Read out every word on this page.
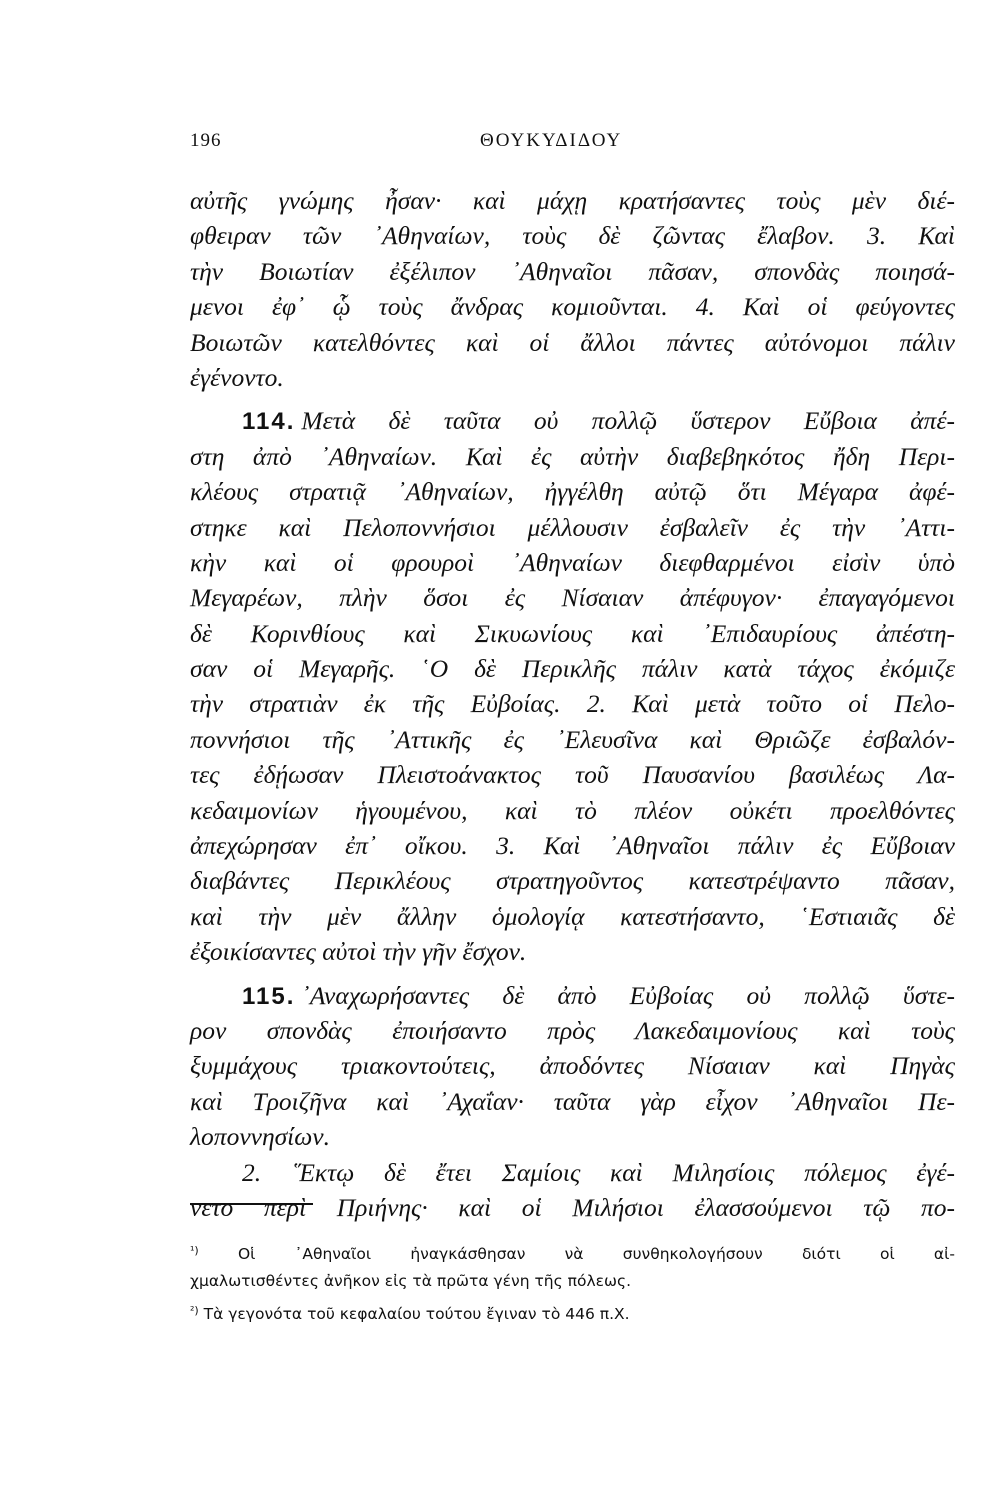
196	ΘΟΥΚΥΔΙΔΟΥ
αὐτῆς γνώμης ἦσαν· καὶ μάχῃ κρατήσαντες τοὺς μὲν διέ-
φθειραν τῶν ᾿Αθηναίων, τοὺς δὲ ζῶντας ἔλαβον. 3. Καὶ
τὴν Βοιωτίαν ἐξέλιπον ᾿Αθηναῖοι πᾶσαν, σπονδὰς ποιησά-
μενοι ἐφ᾿ ᾧ τοὺς ἄνδρας κομιοῦνται. 4. Καὶ οἱ φεύγοντες
Βοιωτῶν κατελθόντες καὶ οἱ ἄλλοι πάντες αὐτόνομοι πάλιν
ἐγένοντο.
114. Μετὰ δὲ ταῦτα οὐ πολλῷ ὕστερον Εὔβοια ἀπέ-
στη ἀπὸ ᾿Αθηναίων. Καὶ ἐς αὐτὴν διαβεβηκότος ἤδη Περι-
κλέους στρατιᾷ ᾿Αθηναίων, ἠγγέλθη αὐτῷ ὅτι Μέγαρα ἀφέ-
στηκε καὶ Πελοποννήσιοι μέλλουσιν ἐσβαλεῖν ἐς τὴν ᾿Αττι-
κὴν καὶ οἱ φρουροὶ ᾿Αθηναίων διεφθαρμένοι εἰσὶν ὑπὸ
Μεγαρέων, πλὴν ὅσοι ἐς Νίσαιαν ἀπέφυγον· ἐπαγαγόμενοι
δὲ Κορινθίους καὶ Σικυωνίους καὶ ᾿Επιδαυρίους ἀπέστη-
σαν οἱ Μεγαρῆς. ῾Ο δὲ Περικλῆς πάλιν κατὰ τάχος ἐκόμιζε
τὴν στρατιὰν ἐκ τῆς Εὐβοίας. 2. Καὶ μετὰ τοῦτο οἱ Πελο-
ποννήσιοι τῆς ᾿Αττικῆς ἐς ᾿Ελευσῖνα καὶ Θριῶζε ἐσβαλόν-
τες ἐδῄωσαν Πλειστοάνακτος τοῦ Παυσανίου βασιλέως Λα-
κεδαιμονίων ἡγουμένου, καὶ τὸ πλέον οὐκέτι προελθόντες
ἀπεχώρησαν ἐπ᾿ οἴκου. 3. Καὶ ᾿Αθηναῖοι πάλιν ἐς Εὔβοιαν
διαβάντες Περικλέους στρατηγοῦντος κατεστρέψαντο πᾶσαν,
καὶ τὴν μὲν ἄλλην ὁμολογίᾳ κατεστήσαντο, ῾Εστιαιᾶς δὲ
ἐξοικίσαντες αὐτοὶ τὴν γῆν ἔσχον.
115. ᾿Αναχωρήσαντες δὲ ἀπὸ Εὐβοίας οὐ πολλῷ ὕστε-
ρον σπονδὰς ἐποιήσαντο πρὸς Λακεδαιμονίους καὶ τοὺς
ξυμμάχους τριακοντούτεις, ἀποδόντες Νίσαιαν καὶ Πηγὰς
καὶ Τροιζῆνα καὶ ᾿Αχαΐαν· ταῦτα γὰρ εἶχον ᾿Αθηναῖοι Πε-
λοποννησίων.
2. ῞Εκτῳ δὲ ἔτει Σαμίοις καὶ Μιλησίοις πόλεμος ἐγέ-
νετο περὶ Πριήνης· καὶ οἱ Μιλήσιοι ἐλασσούμενοι τῷ πο-
$^{^1)}$	Οἱ ᾿Αθηναῖοι ἠναγκάσθησαν νὰ συνθηκολογήσουν διότι οἱ αἰ-
χμαλωτισθέντες ἀνῆκον εἰς τὰ πρῶτα γένη τῆς πόλεως.
$^{^2)}$ Τὰ γεγονότα τοῦ κεφαλαίου τούτου ἔγιναν τὸ 446 π.Χ.
